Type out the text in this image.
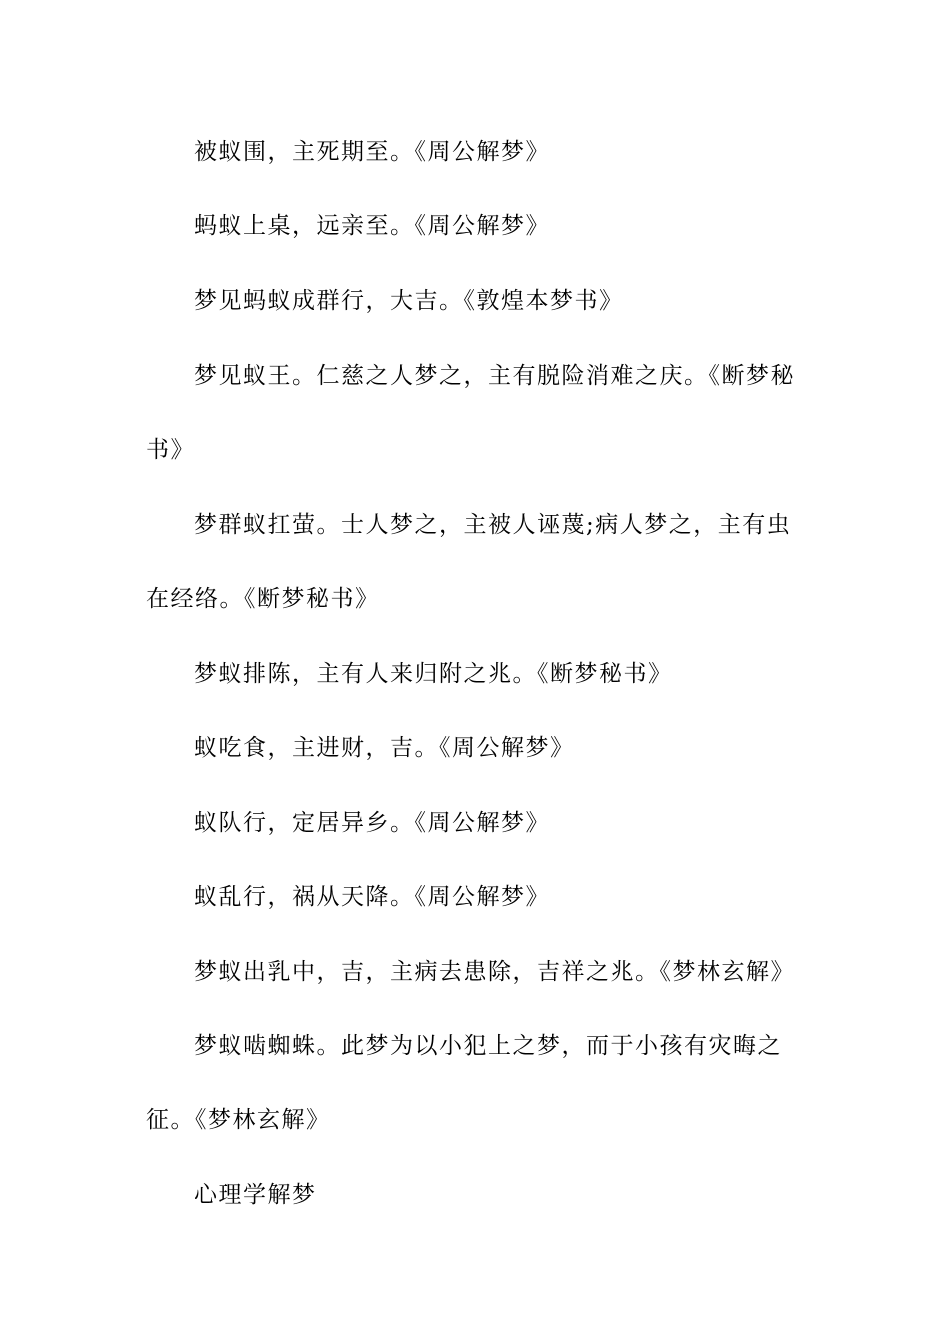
被蚁围，主死期至。《周公解梦》

蚂蚁上桌，远亲至。《周公解梦》

梦见蚂蚁成群行，大吉。《敦煌本梦书》

梦见蚁王。仁慈之人梦之，主有脱险消难之庆。《断梦秘书》

梦群蚁扛萤。士人梦之，主被人诬蔑;病人梦之，主有虫在经络。《断梦秘书》

梦蚁排陈，主有人来归附之兆。《断梦秘书》

蚁吃食，主进财，吉。《周公解梦》

蚁队行，定居异乡。《周公解梦》

蚁乱行，祸从天降。《周公解梦》

梦蚁出乳中，吉，主病去患除，吉祥之兆。《梦林玄解》

梦蚁啮蜘蛛。此梦为以小犯上之梦，而于小孩有灾晦之征。《梦林玄解》

心理学解梦
